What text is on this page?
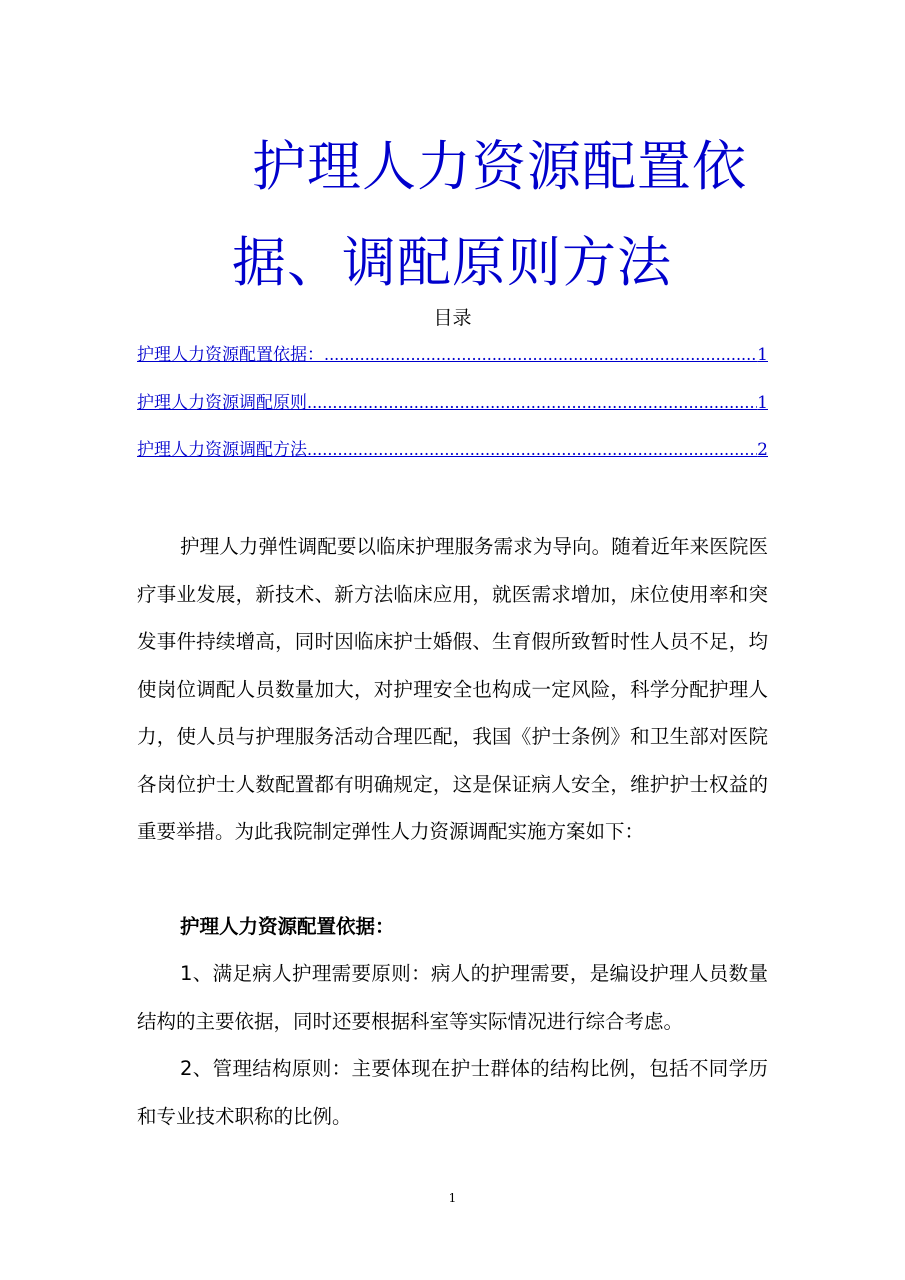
护理人力资源配置依
据、调配原则方法
目录
护理人力资源配置依据： .....	1
护理人力资源调配原则 .....	1
护理人力资源调配方法 .....	2

护理人力弹性调配要以临床护理服务需求为导向。随着近年来医院医疗事业发展，新技术、新方法临床应用，就医需求增加，床位使用率和突发事件持续增高，同时因临床护士婚假、生育假所致暂时性人员不足，均使岗位调配人员数量加大，对护理安全也构成一定风险，科学分配护理人力，使人员与护理服务活动合理匹配，我国《护士条例》和卫生部对医院各岗位护士人数配置都有明确规定，这是保证病人安全，维护护士权益的重要举措。为此我院制定弹性人力资源调配实施方案如下：

护理人力资源配置依据：

1、满足病人护理需要原则：病人的护理需要，是编设护理人员数量结构的主要依据，同时还要根据科室等实际情况进行综合考虑。

2、管理结构原则：主要体现在护士群体的结构比例，包括不同学历和专业技术职称的比例。

1
